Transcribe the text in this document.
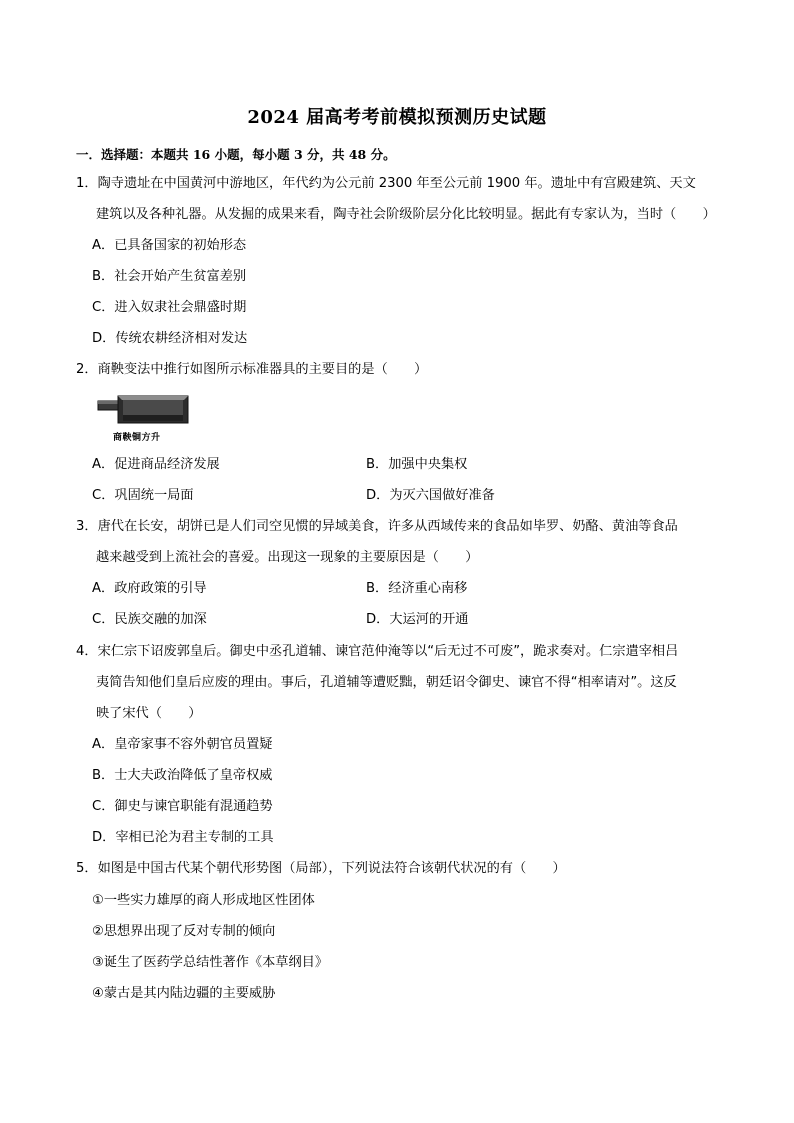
2024 届高考考前模拟预测历史试题
一．选择题：本题共 16 小题，每小题 3 分，共 48 分。
1．陶寺遗址在中国黄河中游地区，年代约为公元前 2300 年至公元前 1900 年。遗址中有宫殿建筑、天文
建筑以及各种礼器。从发掘的成果来看，陶寺社会阶级阶层分化比较明显。据此有专家认为，当时（　　）
A．已具备国家的初始形态
B．社会开始产生贫富差别
C．进入奴隶社会鼎盛时期
D．传统农耕经济相对发达
2．商鞅变法中推行如图所示标准器具的主要目的是（　　）
商鞅铜方升
A．促进商品经济发展	B．加强中央集权
C．巩固统一局面	D．为灭六国做好准备
3．唐代在长安，胡饼已是人们司空见惯的异域美食，许多从西域传来的食品如毕罗、奶酪、黄油等食品
越来越受到上流社会的喜爱。出现这一现象的主要原因是（　　）
A．政府政策的引导	B．经济重心南移
C．民族交融的加深	D．大运河的开通
4．宋仁宗下诏废郭皇后。御史中丞孔道辅、谏官范仲淹等以“后无过不可废”，跪求奏对。仁宗遣宰相吕
夷简告知他们皇后应废的理由。事后，孔道辅等遭贬黜，朝廷诏令御史、谏官不得“相率请对”。这反
映了宋代（　　）
A．皇帝家事不容外朝官员置疑
B．士大夫政治降低了皇帝权威
C．御史与谏官职能有混通趋势
D．宰相已沦为君主专制的工具
5．如图是中国古代某个朝代形势图（局部），下列说法符合该朝代状况的有（　　）
①一些实力雄厚的商人形成地区性团体
②思想界出现了反对专制的倾向
③诞生了医药学总结性著作《本草纲目》
④蒙古是其内陆边疆的主要威胁
